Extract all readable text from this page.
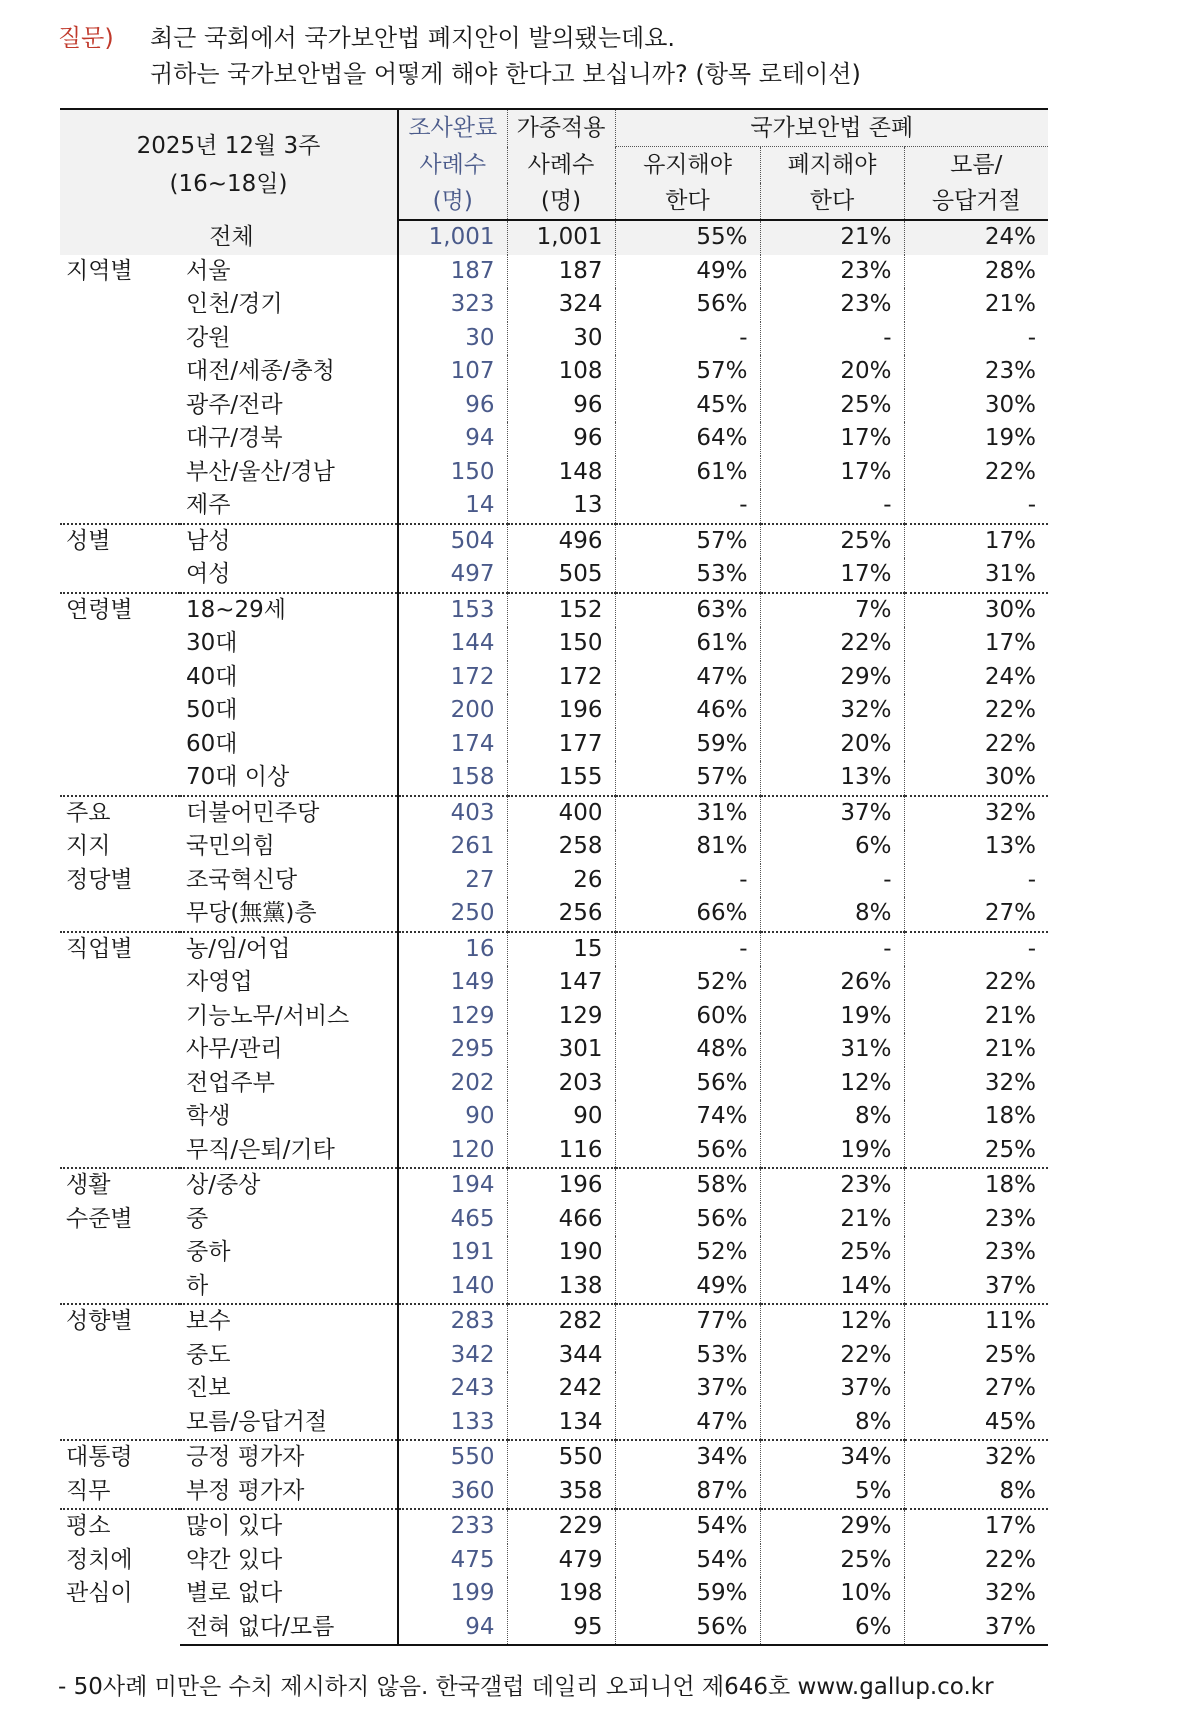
질문) 최근 국회에서 국가보안법 폐지안이 발의됐는데요.
귀하는 국가보안법을 어떻게 해야 한다고 보십니까? (항목 로테이션)
2025년 12월 3주
(16~18일)		조사완료	가중적용	국가보안법 존폐		
		사례수	사례수	유지해야	폐지해야	모름/
		(명)	(명)	한다	한다	응답거절
전체		1,001	1,001	55%	21%	24%

지역별	서울	187	187	49%	23%	28%
	인천/경기	323	324	56%	23%	21%
	강원	30	30	-	-	-
	대전/세종/충청	107	108	57%	20%	23%
	광주/전라	96	96	45%	25%	30%
	대구/경북	94	96	64%	17%	19%
	부산/울산/경남	150	148	61%	17%	22%
	제주	14	13	-	-	-

성별	남성	504	496	57%	25%	17%
	여성	497	505	53%	17%	31%

연령별	18~29세	153	152	63%	7%	30%
	30대	144	150	61%	22%	17%
	40대	172	172	47%	29%	24%
	50대	200	196	46%	32%	22%
	60대	174	177	59%	20%	22%
	70대 이상	158	155	57%	13%	30%

주요
지지
정당별	더불어민주당	403	400	31%	37%	32%
	국민의힘	261	258	81%	6%	13%
	조국혁신당	27	26	-	-	-
	무당(無黨)층	250	256	66%	8%	27%

직업별	농/임/어업	16	15	-	-	-
	자영업	149	147	52%	26%	22%
	기능노무/서비스	129	129	60%	19%	21%
	사무/관리	295	301	48%	31%	21%
	전업주부	202	203	56%	12%	32%
	학생	90	90	74%	8%	18%
	무직/은퇴/기타	120	116	56%	19%	25%

생활
수준별	상/중상	194	196	58%	23%	18%
	중	465	466	56%	21%	23%
	중하	191	190	52%	25%	23%
	하	140	138	49%	14%	37%

성향별	보수	283	282	77%	12%	11%
	중도	342	344	53%	22%	25%
	진보	243	242	37%	37%	27%
	모름/응답거절	133	134	47%	8%	45%

대통령
직무	긍정 평가자	550	550	34%	34%	32%
	부정 평가자	360	358	87%	5%	8%

평소
정치에
관심이	많이 있다	233	229	54%	29%	17%
	약간 있다	475	479	54%	25%	22%
	별로 없다	199	198	59%	10%	32%
	전혀 없다/모름	94	95	56%	6%	37%
- 50사례 미만은 수치 제시하지 않음. 한국갤럽 데일리 오피니언 제646호 www.gallup.co.kr
